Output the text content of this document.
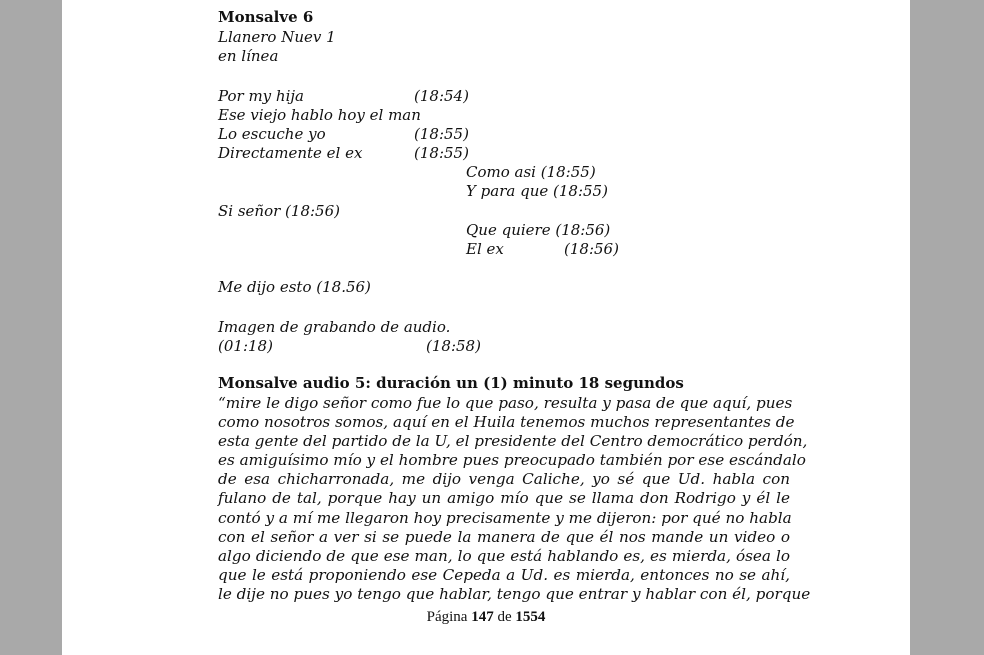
Monsalve 6
Llanero Nuev 1
en línea
Por my hija	(18:54)
Ese viejo hablo hoy el man
Lo escuche yo	(18:55)
Directamente el ex	(18:55)
Como asi (18:55)
Y para que (18:55)
Si señor (18:56)
Que quiere (18:56)
El ex	(18:56)
Me dijo esto (18.56)
Imagen de grabando de audio.
(01:18)	(18:58)
Monsalve audio 5: duración un (1) minuto 18 segundos
“mire le digo señor como fue lo que paso, resulta y pasa de que aquí, pues
como nosotros somos, aquí en el Huila tenemos muchos representantes de
esta gente del partido de la U, el presidente del Centro democrático perdón,
es amiguísimo mío y el hombre pues preocupado también por ese escándalo
de esa chicharronada, me dijo venga Caliche, yo sé que Ud. habla con
fulano de tal, porque hay un amigo mío que se llama don Rodrigo y él le
contó y a mí me llegaron hoy precisamente y me dijeron: por qué no habla
con el señor a ver si se puede la manera de que él nos mande un video o
algo diciendo de que ese man, lo que está hablando es, es mierda, ósea lo
que le está proponiendo ese Cepeda a Ud. es mierda, entonces no se ahí,
le dije no pues yo tengo que hablar, tengo que entrar y hablar con él, porque
Página 147 de 1554
